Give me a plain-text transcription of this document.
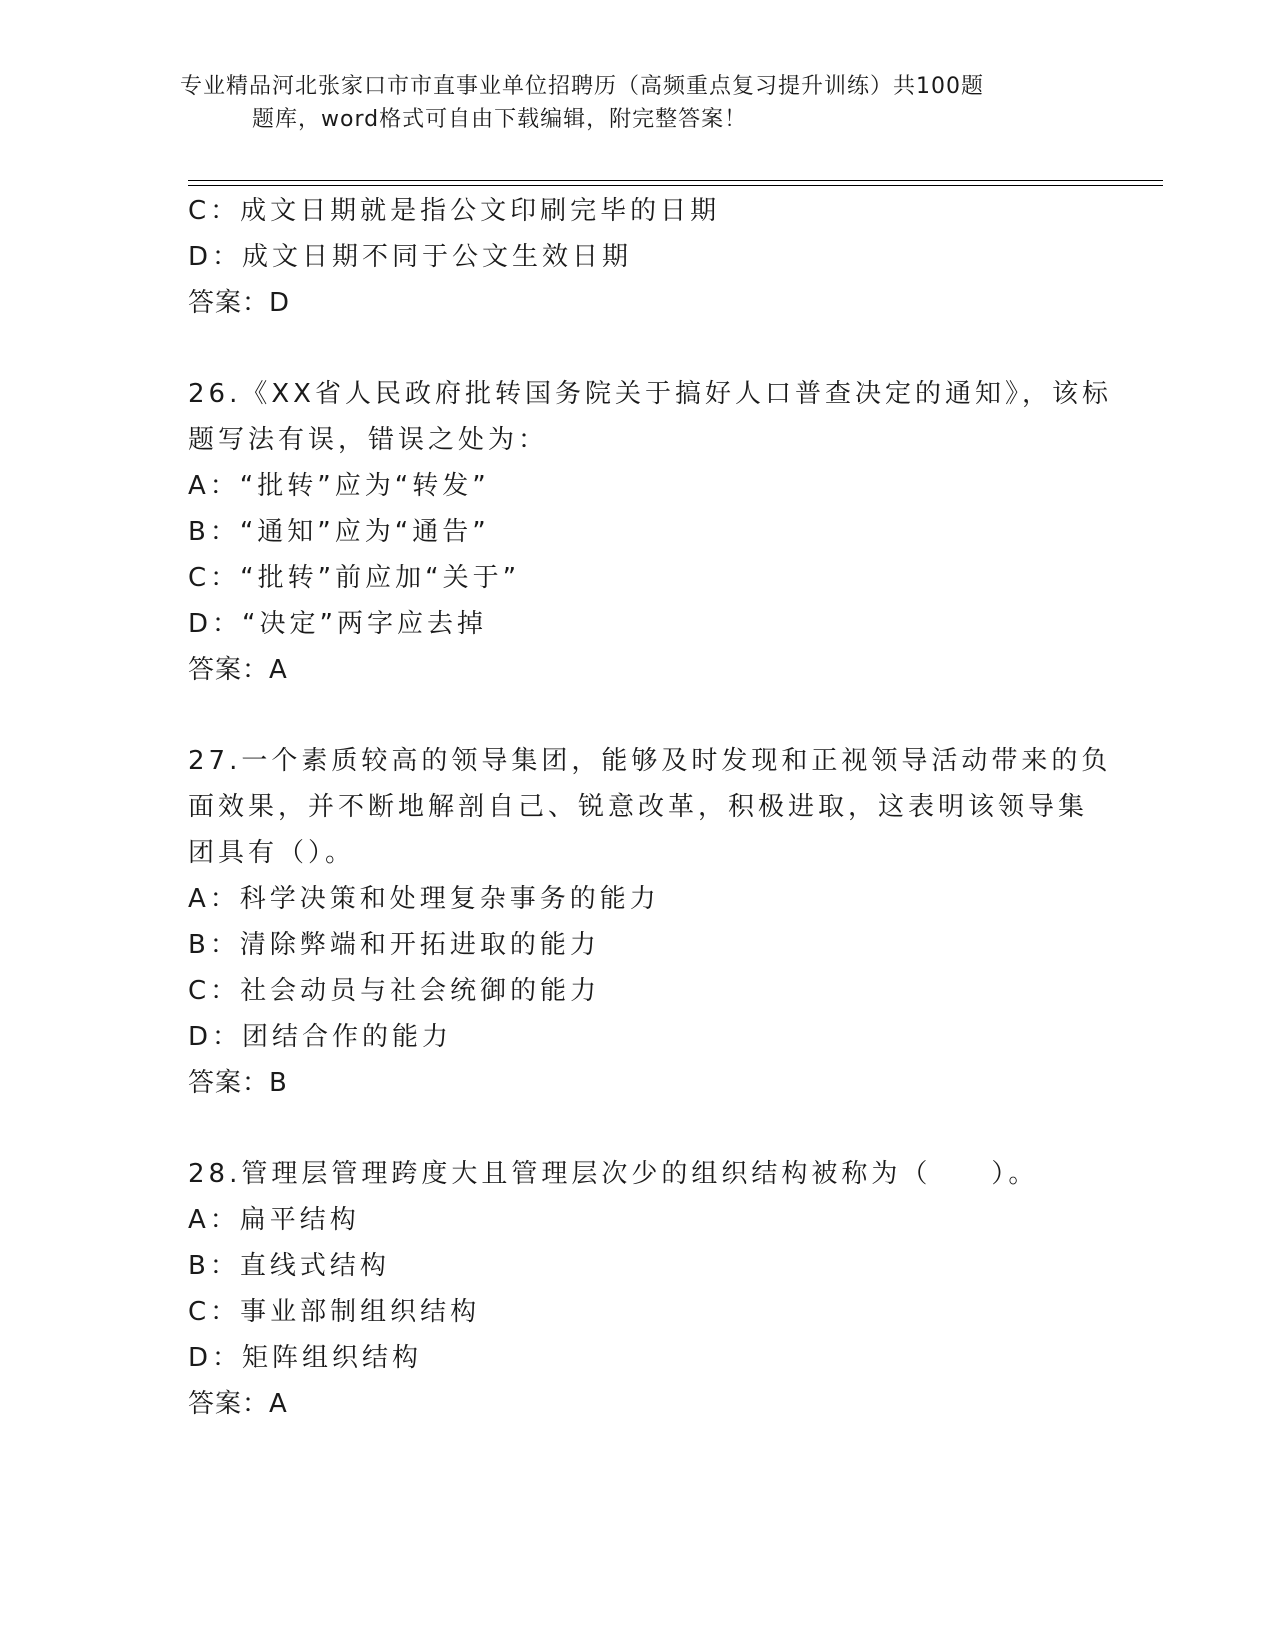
专业精品河北张家口市市直事业单位招聘历（高频重点复习提升训练）共100题
题库，word格式可自由下载编辑，附完整答案！
C：成文日期就是指公文印刷完毕的日期
D：成文日期不同于公文生效日期
答案：D
26.《XX省人民政府批转国务院关于搞好人口普查决定的通知》，该标
题写法有误，错误之处为：
A：“批转”应为“转发”
B：“通知”应为“通告”
C：“批转”前应加“关于”
D：“决定”两字应去掉
答案：A
27.一个素质较高的领导集团，能够及时发现和正视领导活动带来的负
面效果，并不断地解剖自己、锐意改革，积极进取，这表明该领导集
团具有（）。
A：科学决策和处理复杂事务的能力
B：清除弊端和开拓进取的能力
C：社会动员与社会统御的能力
D：团结合作的能力
答案：B
28.管理层管理跨度大且管理层次少的组织结构被称为（　　）。
A：扁平结构
B：直线式结构
C：事业部制组织结构
D：矩阵组织结构
答案：A
